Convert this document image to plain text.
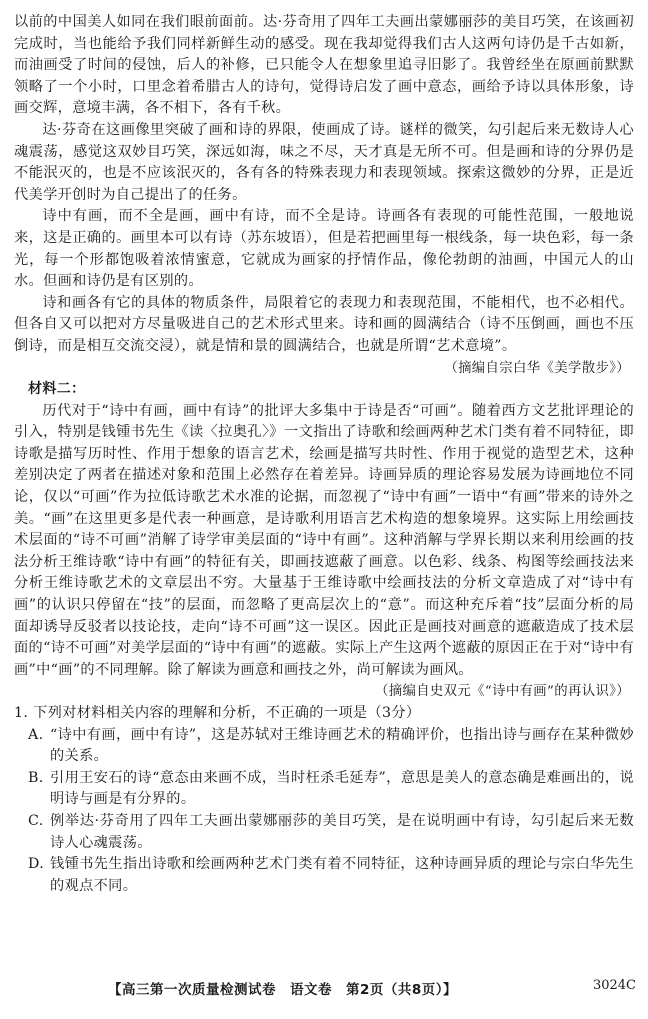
以前的中国美人如同在我们眼前面前。达·芬奇用了四年工夫画出蒙娜丽莎的美目巧笑，在该画初完成时，当也能给予我们同样新鲜生动的感受。现在我却觉得我们古人这两句诗仍是千古如新，而油画受了时间的侵蚀，后人的补修，已只能令人在想象里追寻旧影了。我曾经坐在原画前默默领略了一个小时，口里念着希腊古人的诗句，觉得诗启发了画中意态，画给予诗以具体形象，诗画交辉，意境丰满，各不相下，各有千秋。

达·芬奇在这画像里突破了画和诗的界限，使画成了诗。谜样的微笑，勾引起后来无数诗人心魂震荡，感觉这双妙目巧笑，深远如海，味之不尽，天才真是无所不可。但是画和诗的分界仍是不能泯灭的，也是不应该泯灭的，各有各的特殊表现力和表现领域。探索这微妙的分界，正是近代美学开创时为自己提出了的任务。

诗中有画，而不全是画，画中有诗，而不全是诗。诗画各有表现的可能性范围，一般地说来，这是正确的。画里本可以有诗（苏东坡语），但是若把画里每一根线条，每一块色彩，每一条光，每一个形都饱吸着浓情蜜意，它就成为画家的抒情作品，像伦勃朗的油画，中国元人的山水。但画和诗仍是有区别的。

诗和画各有它的具体的物质条件，局限着它的表现力和表现范围，不能相代，也不必相代。但各自又可以把对方尽量吸进自己的艺术形式里来。诗和画的圆满结合（诗不压倒画，画也不压倒诗，而是相互交流交浸），就是情和景的圆满结合，也就是所谓“艺术意境”。

（摘编自宗白华《美学散步》）

材料二：

历代对于“诗中有画，画中有诗”的批评大多集中于诗是否“可画”。随着西方文艺批评理论的引入，特别是钱锺书先生《读〈拉奥孔〉》一文指出了诗歌和绘画两种艺术门类有着不同特征，即诗歌是描写历时性、作用于想象的语言艺术，绘画是描写共时性、作用于视觉的造型艺术，这种差别决定了两者在描述对象和范围上必然存在着差异。诗画异质的理论容易发展为诗画地位不同论，仅以“可画”作为拉低诗歌艺术水准的论据，而忽视了“诗中有画”一语中“有画”带来的诗外之美。“画”在这里更多是代表一种画意，是诗歌利用语言艺术构造的想象境界。这实际上用绘画技术层面的“诗不可画”消解了诗学审美层面的“诗中有画”。这种消解与学界长期以来利用绘画的技法分析王维诗歌“诗中有画”的特征有关，即画技遮蔽了画意。以色彩、线条、构图等绘画技法来分析王维诗歌艺术的文章层出不穷。大量基于王维诗歌中绘画技法的分析文章造成了对“诗中有画”的认识只停留在“技”的层面，而忽略了更高层次上的“意”。而这种充斥着“技”层面分析的局面却诱导反驳者以技论技，走向“诗不可画”这一误区。因此正是画技对画意的遮蔽造成了技术层面的“诗不可画”对美学层面的“诗中有画”的遮蔽。实际上产生这两个遮蔽的原因正在于对“诗中有画”中“画”的不同理解。除了解读为画意和画技之外，尚可解读为画风。

（摘编自史双元《“诗中有画”的再认识》）

1. 下列对材料相关内容的理解和分析，不正确的一项是（3分）

A. “诗中有画，画中有诗”，这是苏轼对王维诗画艺术的精确评价，也指出诗与画存在某种微妙的关系。
B. 引用王安石的诗“意态由来画不成，当时枉杀毛延寿”，意思是美人的意态确是难画出的，说明诗与画是有分界的。
C. 例举达·芬奇用了四年工夫画出蒙娜丽莎的美目巧笑，是在说明画中有诗，勾引起后来无数诗人心魂震荡。
D. 钱锺书先生指出诗歌和绘画两种艺术门类有着不同特征，这种诗画异质的理论与宗白华先生的观点不同。
【高三第一次质量检测试卷　语文卷　第2页（共8页）】	3024C
